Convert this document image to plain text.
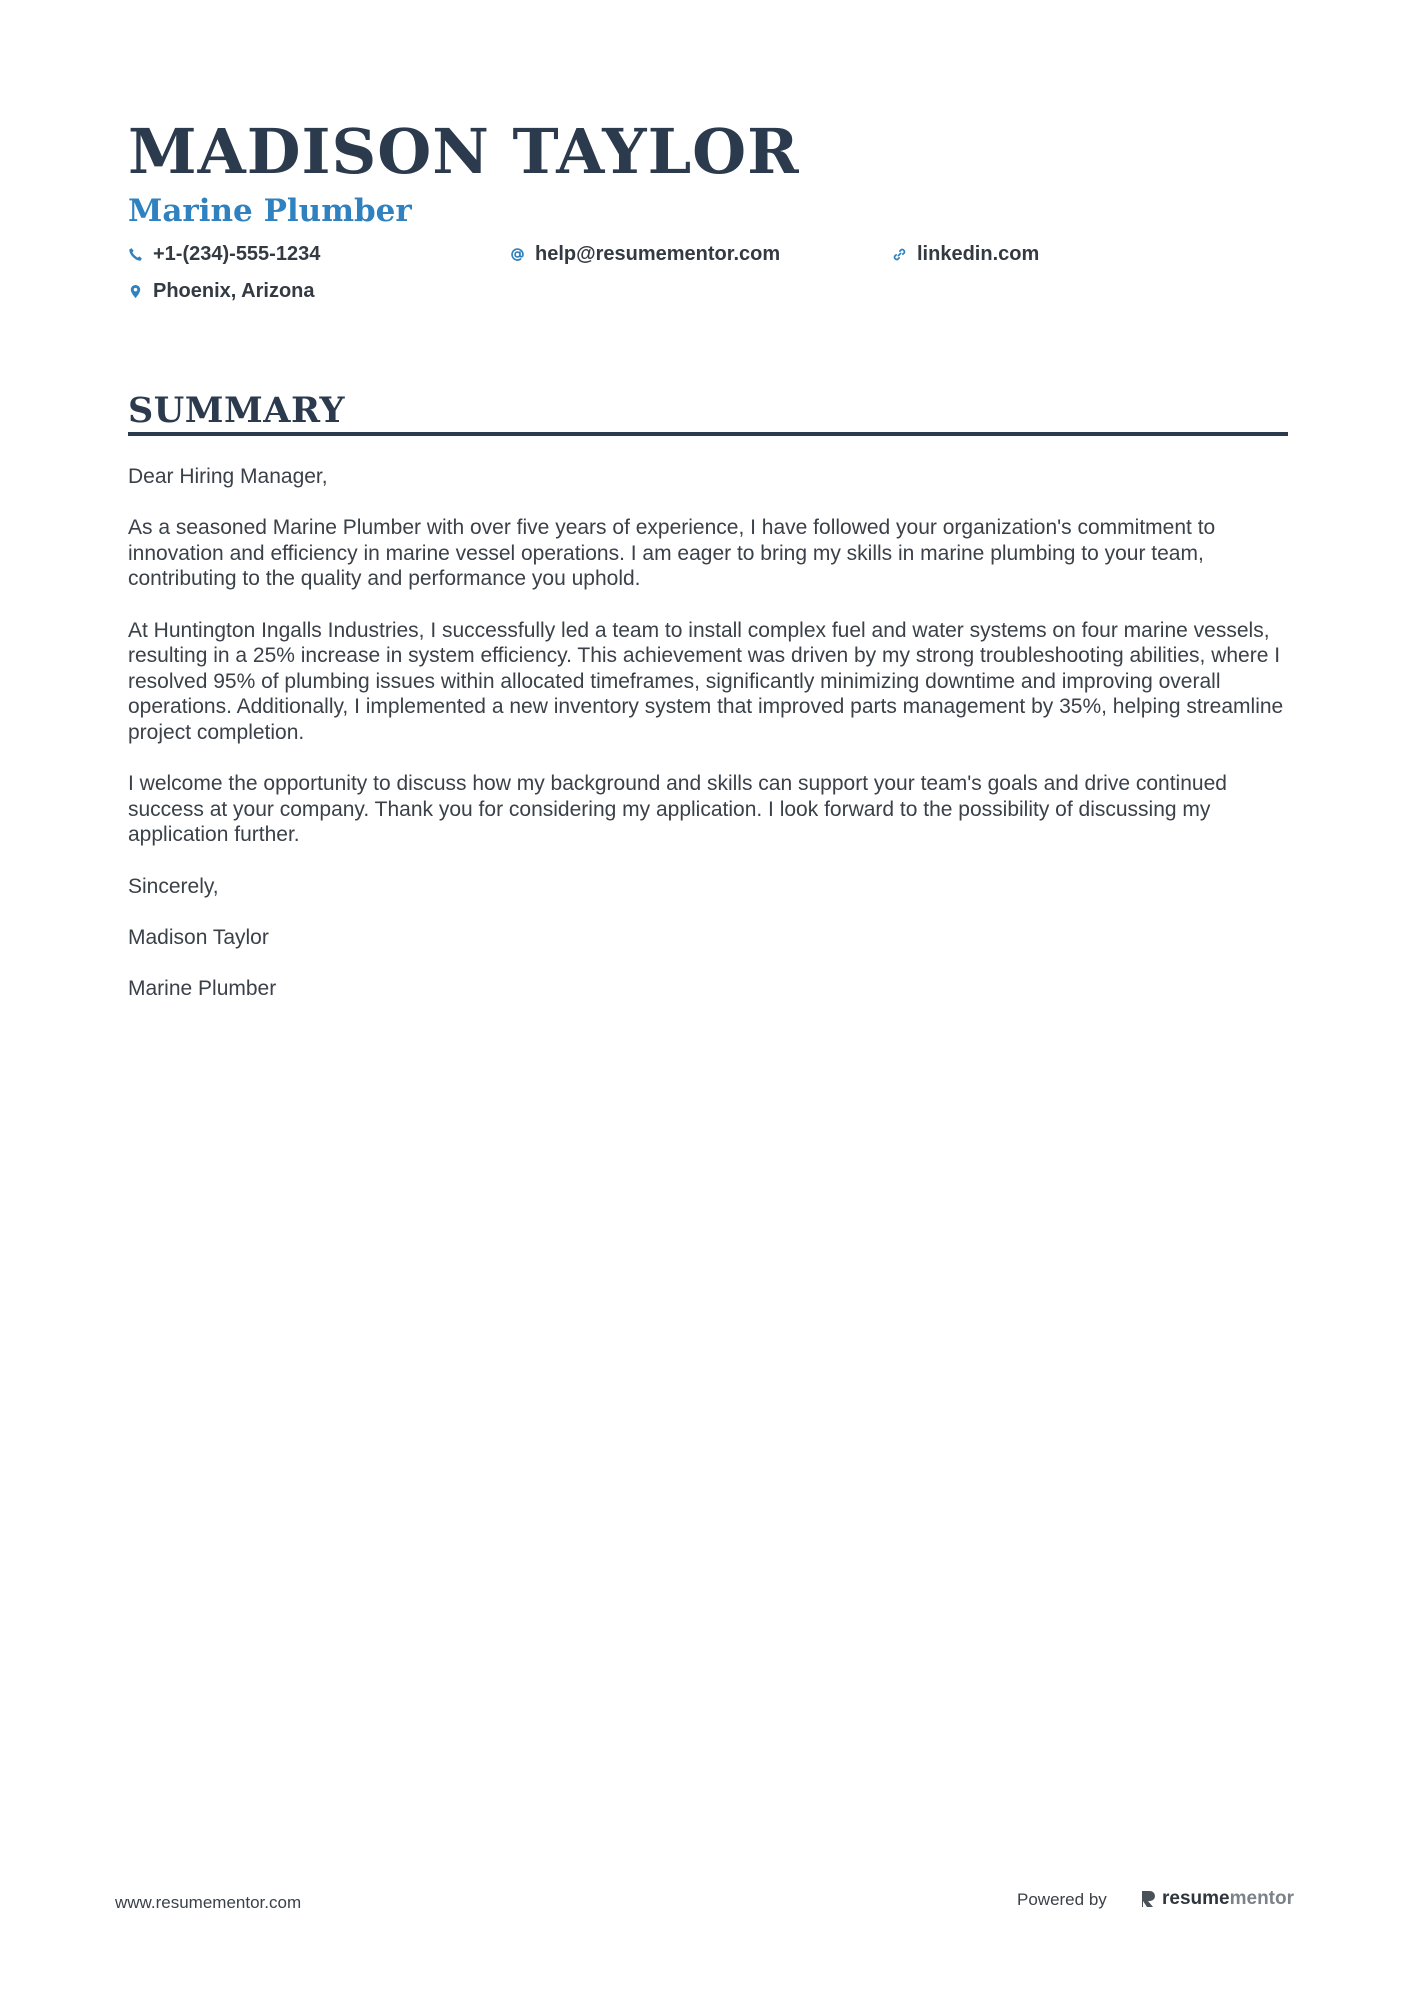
MADISON TAYLOR
Marine Plumber
+1-(234)-555-1234	help@resumementor.com	linkedin.com
Phoenix, Arizona
SUMMARY

Dear Hiring Manager,

As a seasoned Marine Plumber with over five years of experience, I have followed your organization's commitment to innovation and efficiency in marine vessel operations. I am eager to bring my skills in marine plumbing to your team, contributing to the quality and performance you uphold.

At Huntington Ingalls Industries, I successfully led a team to install complex fuel and water systems on four marine vessels, resulting in a 25% increase in system efficiency. This achievement was driven by my strong troubleshooting abilities, where I resolved 95% of plumbing issues within allocated timeframes, significantly minimizing downtime and improving overall operations. Additionally, I implemented a new inventory system that improved parts management by 35%, helping streamline project completion.

I welcome the opportunity to discuss how my background and skills can support your team's goals and drive continued success at your company. Thank you for considering my application. I look forward to the possibility of discussing my application further.

Sincerely,

Madison Taylor

Marine Plumber

www.resumementor.com	Powered by	resumementor
